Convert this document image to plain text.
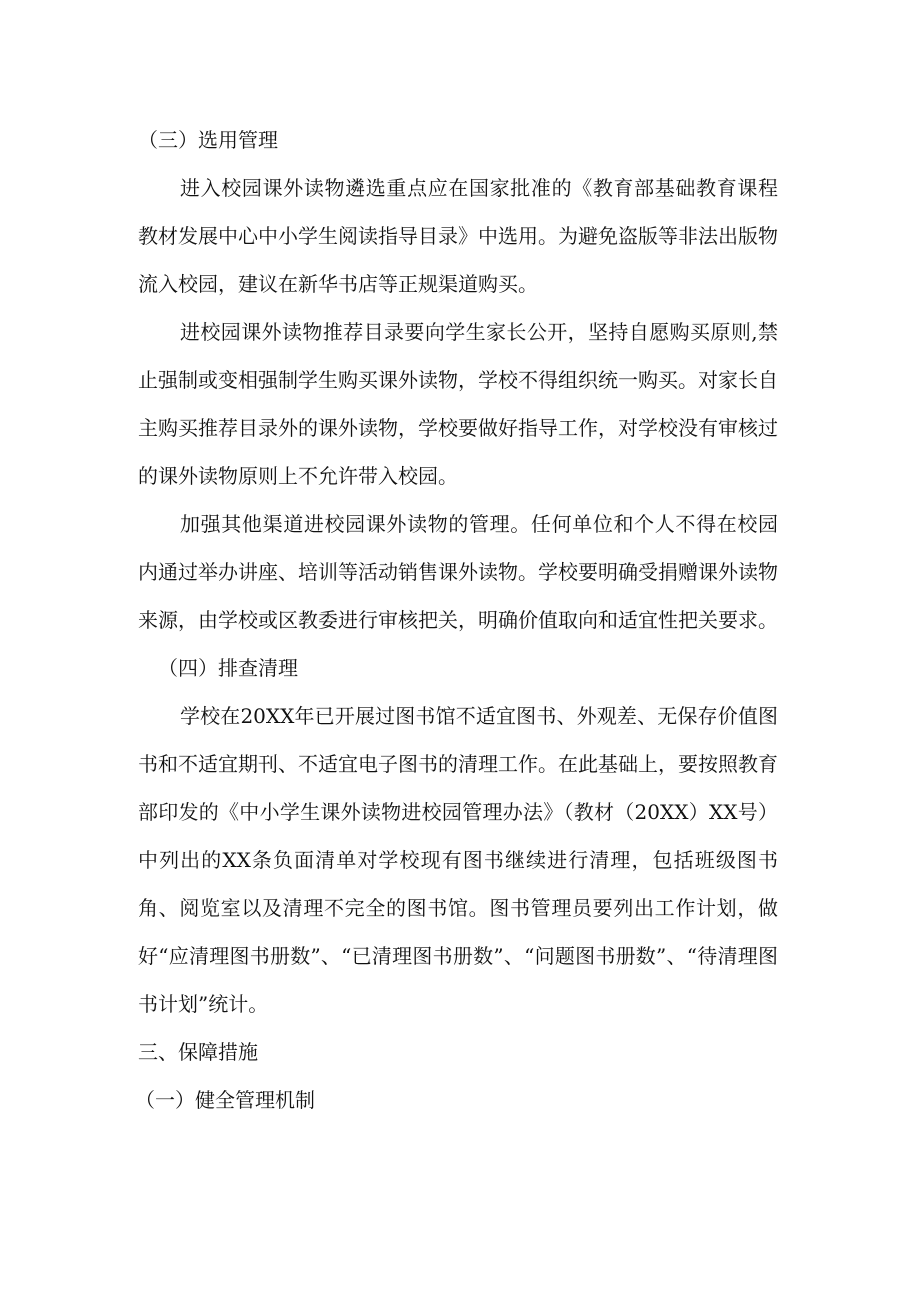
（三）选用管理

进入校园课外读物遴选重点应在国家批准的《教育部基础教育课程教材发展中心中小学生阅读指导目录》中选用。为避免盗版等非法出版物流入校园，建议在新华书店等正规渠道购买。

进校园课外读物推荐目录要向学生家长公开，坚持自愿购买原则,禁止强制或变相强制学生购买课外读物，学校不得组织统一购买。对家长自主购买推荐目录外的课外读物，学校要做好指导工作，对学校没有审核过的课外读物原则上不允许带入校园。

加强其他渠道进校园课外读物的管理。任何单位和个人不得在校园内通过举办讲座、培训等活动销售课外读物。学校要明确受捐赠课外读物来源，由学校或区教委进行审核把关，明确价值取向和适宜性把关要求。

（四）排查清理

学校在20XX年已开展过图书馆不适宜图书、外观差、无保存价值图书和不适宜期刊、不适宜电子图书的清理工作。在此基础上，要按照教育部印发的《中小学生课外读物进校园管理办法》（教材（20XX）XX号）中列出的XX条负面清单对学校现有图书继续进行清理，包括班级图书角、阅览室以及清理不完全的图书馆。图书管理员要列出工作计划，做好“应清理图书册数”、“已清理图书册数”、“问题图书册数”、“待清理图书计划”统计。

三、保障措施
（一）健全管理机制
